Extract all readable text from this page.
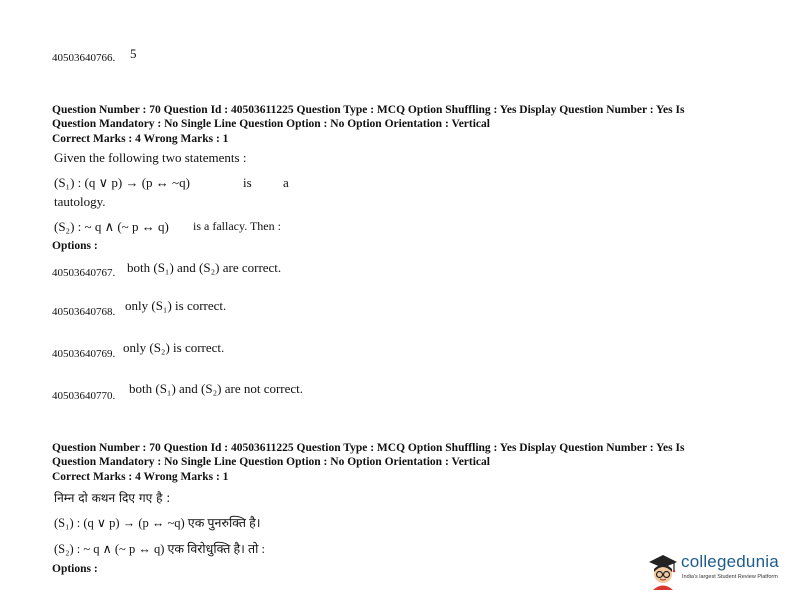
40503640766. 5
Question Number : 70 Question Id : 40503611225 Question Type : MCQ Option Shuffling : Yes Display Question Number : Yes Is
Question Mandatory : No Single Line Question Option : No Option Orientation : Vertical
Correct Marks : 4 Wrong Marks : 1
Given the following two statements :
(S₁) : (q ∨ p) → (p ↔ ~q)	is a
tautology.
(S₂) : ~ q ∧ (~ p ↔ q) is a fallacy. Then :
Options :
40503640767. both (S₁) and (S₂) are correct.
40503640768. only (S₁) is correct.
40503640769. only (S₂) is correct.
40503640770. both (S₁) and (S₂) are not correct.
Question Number : 70 Question Id : 40503611225 Question Type : MCQ Option Shuffling : Yes Display Question Number : Yes Is
Question Mandatory : No Single Line Question Option : No Option Orientation : Vertical
Correct Marks : 4 Wrong Marks : 1
निम्न दो कथन दिए गए है :
(S₁) : (q ∨ p) → (p ↔ ~q) एक पुनरुक्ति है।
(S₂) : ~ q ∧ (~ p ↔ q) एक विरोधुक्ति है। तो :
Options :	collegedunia
India's largest Student Review Platform
